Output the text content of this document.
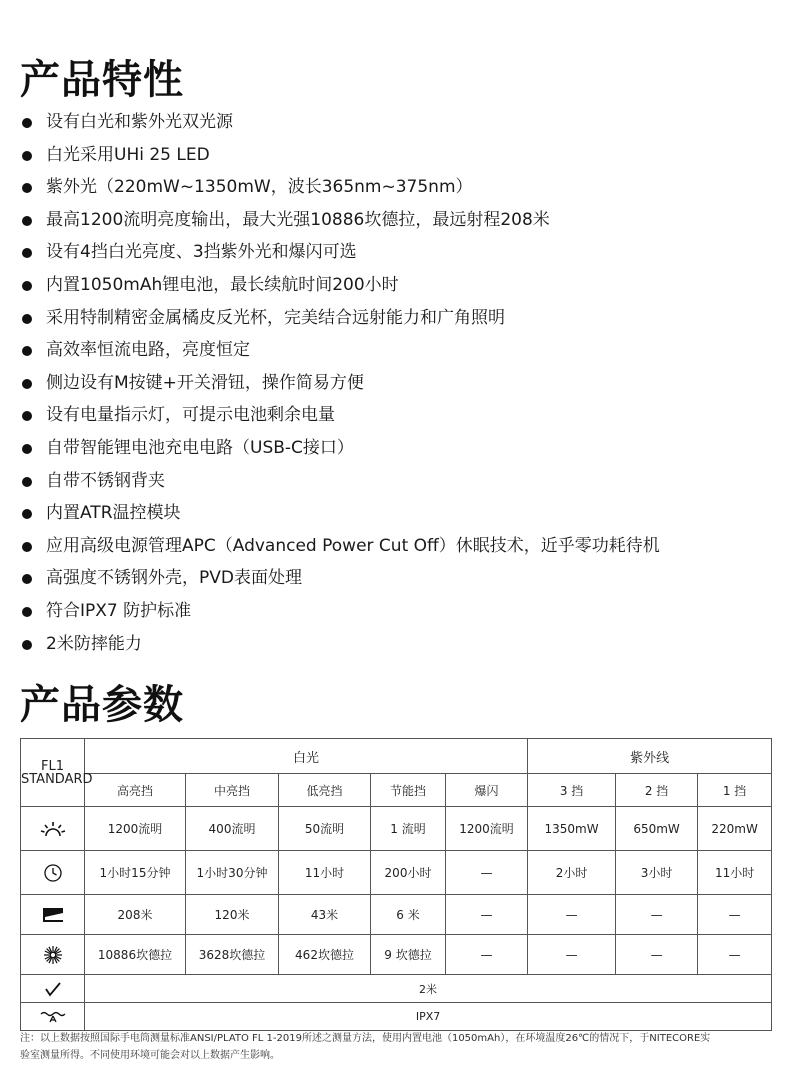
产品特性
设有白光和紫外光双光源
白光采用UHi 25 LED
紫外光（220mW~1350mW，波长365nm~375nm）
最高1200流明亮度输出，最大光强10886坎德拉，最远射程208米
设有4挡白光亮度、3挡紫外光和爆闪可选
内置1050mAh锂电池，最长续航时间200小时
采用特制精密金属橘皮反光杯，完美结合远射能力和广角照明
高效率恒流电路，亮度恒定
侧边设有M按键+开关滑钮，操作简易方便
设有电量指示灯，可提示电池剩余电量
自带智能锂电池充电电路（USB-C接口）
自带不锈钢背夹
内置ATR温控模块
应用高级电源管理APC（Advanced Power Cut Off）休眠技术，近乎零功耗待机
高强度不锈钢外壳，PVD表面处理
符合IPX7 防护标准
2米防摔能力
产品参数
FL1
STANDARD	白光					紫外线		
	高亮挡	中亮挡	低亮挡	节能挡	爆闪	3 挡	2 挡	1 挡

	1200流明	400流明	50流明	1 流明	1200流明	1350mW	650mW	220mW

	1小时15分钟	1小时30分钟	11小时	200小时	—	2小时	3小时	11小时

	208米	120米	43米	6 米	—	—	—	—

	10886坎德拉	3628坎德拉	462坎德拉	9 坎德拉	—	—	—	—

	2米							

	IPX7							

注：以上数据按照国际手电筒测量标准ANSI/PLATO FL 1-2019所述之测量方法，使用内置电池（1050mAh），在环境温度26℃的情况下，于NITECORE实
验室测量所得。不同使用环境可能会对以上数据产生影响。
